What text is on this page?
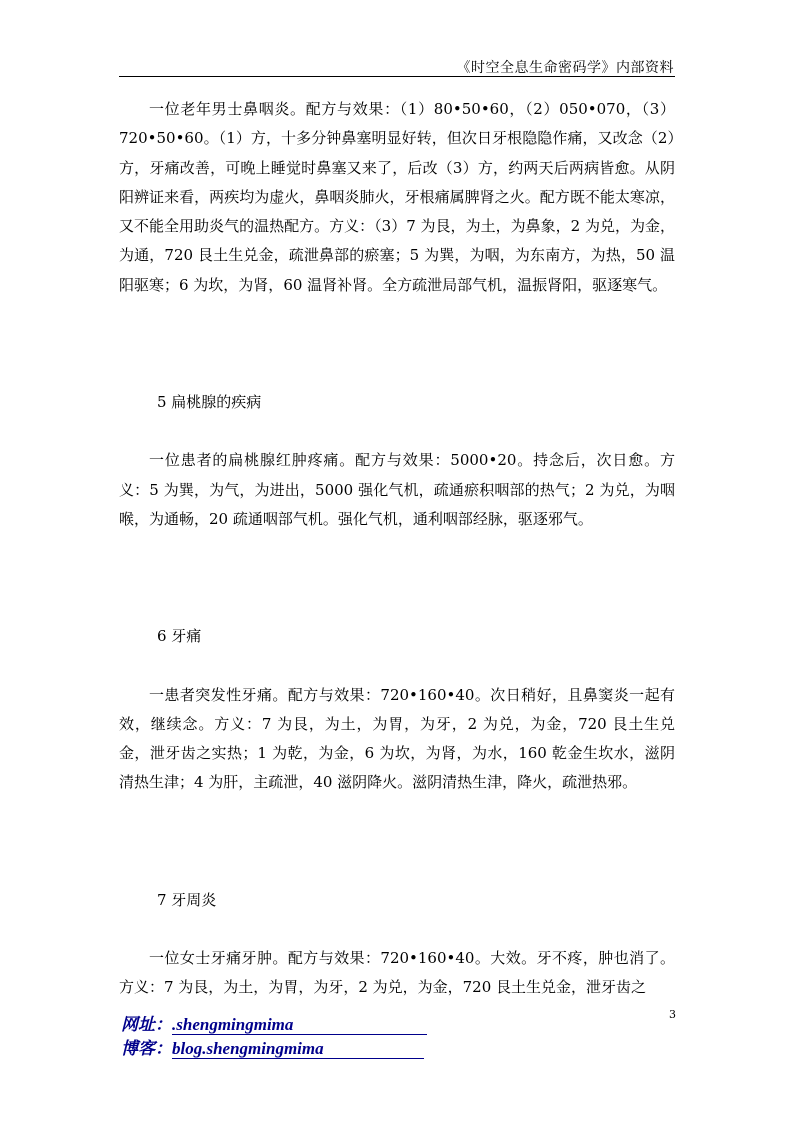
《时空全息生命密码学》内部资料

一位老年男士鼻咽炎。配方与效果：（1）80•50•60，（2）050•070，（3）720•50•60。（1）方，十多分钟鼻塞明显好转，但次日牙根隐隐作痛，又改念（2）方，牙痛改善，可晚上睡觉时鼻塞又来了，后改（3）方，约两天后两病皆愈。从阴阳辨证来看，两疾均为虚火，鼻咽炎肺火，牙根痛属脾肾之火。配方既不能太寒凉，又不能全用助炎气的温热配方。方义：（3）7 为艮，为土，为鼻象，2 为兑，为金，为通，720 艮土生兑金，疏泄鼻部的瘀塞；5 为巽，为咽，为东南方，为热，50 温阳驱寒；6 为坎，为肾，60 温肾补肾。全方疏泄局部气机，温振肾阳，驱逐寒气。

5 扁桃腺的疾病

一位患者的扁桃腺红肿疼痛。配方与效果：5000•20。持念后，次日愈。方义：5 为巽，为气，为进出，5000 强化气机，疏通瘀积咽部的热气；2 为兑，为咽喉，为通畅，20 疏通咽部气机。强化气机，通利咽部经脉，驱逐邪气。

6 牙痛

一患者突发性牙痛。配方与效果：720•160•40。次日稍好，且鼻窦炎一起有效，继续念。方义：7 为艮，为土，为胃，为牙，2 为兑，为金，720 艮土生兑金，泄牙齿之实热；1 为乾，为金，6 为坎，为肾，为水，160 乾金生坎水，滋阴清热生津；4 为肝，主疏泄，40 滋阴降火。滋阴清热生津，降火，疏泄热邪。

7 牙周炎

一位女士牙痛牙肿。配方与效果：720•160•40。大效。牙不疼，肿也消了。方义：7 为艮，为土，为胃，为牙，2 为兑，为金，720 艮土生兑金，泄牙齿之

网址：.shengmingmima
博客：blog.shengmingmima
3
